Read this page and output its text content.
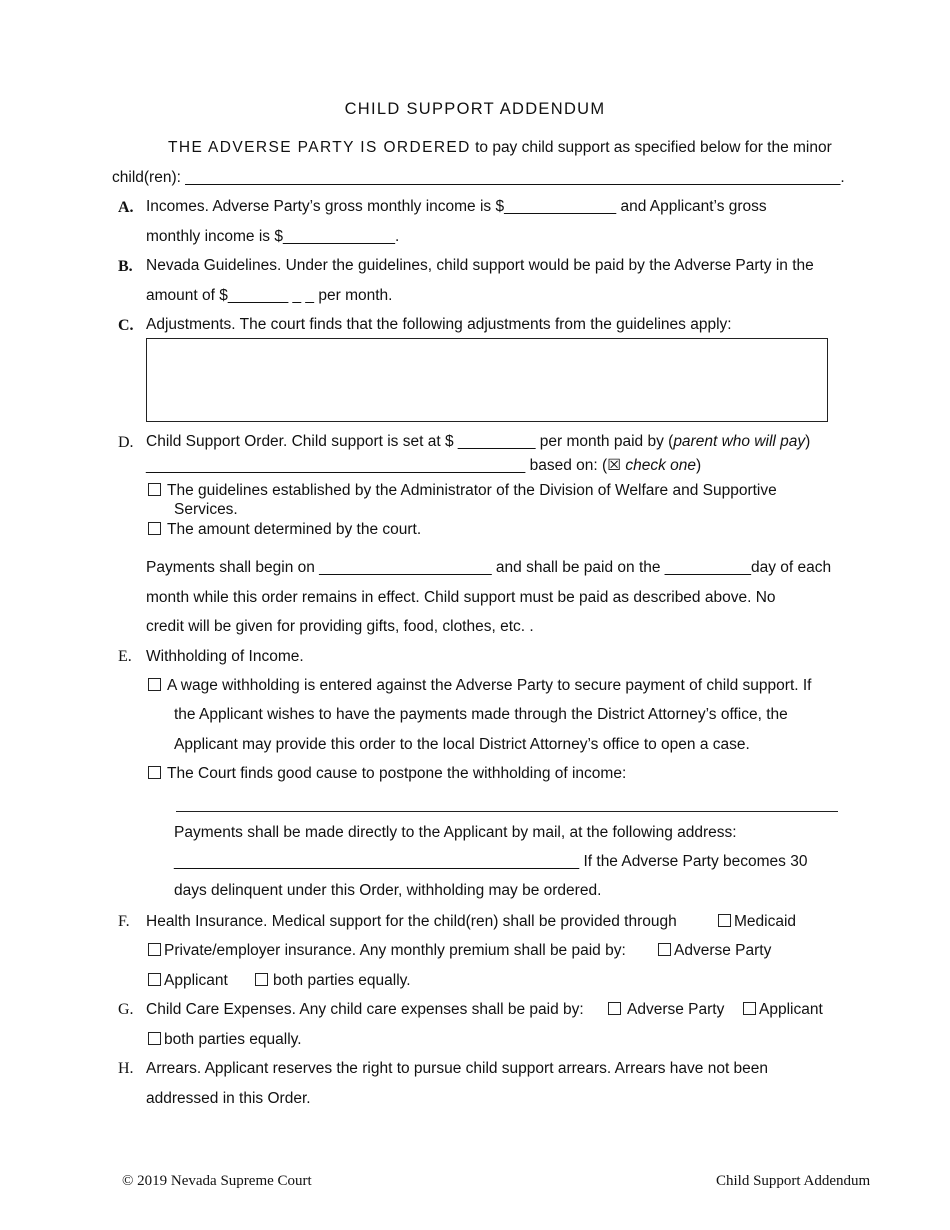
CHILD SUPPORT ADDENDUM
THE ADVERSE PARTY IS ORDERED to pay child support as specified below for the minor
child(ren): ____________________________________________________________________________.
A. Incomes. Adverse Party’s gross monthly income is $_____________ and Applicant’s gross
monthly income is $_____________.
B. Nevada Guidelines. Under the guidelines, child support would be paid by the Adverse Party in the
amount of $_______ _ _ per month.
C. Adjustments. The court finds that the following adjustments from the guidelines apply:
D. Child Support Order. Child support is set at $ _________ per month paid by (parent who will pay)
____________________________________________ based on: (☒ check one)
The guidelines established by the Administrator of the Division of Welfare and Supportive
Services.
The amount determined by the court.
Payments shall begin on ____________________ and shall be paid on the __________day of each
month while this order remains in effect. Child support must be paid as described above. No
credit will be given for providing gifts, food, clothes, etc. .
E. Withholding of Income.
A wage withholding is entered against the Adverse Party to secure payment of child support. If
the Applicant wishes to have the payments made through the District Attorney’s office, the
Applicant may provide this order to the local District Attorney’s office to open a case.
The Court finds good cause to postpone the withholding of income:
Payments shall be made directly to the Applicant by mail, at the following address:
_______________________________________________ If the Adverse Party becomes 30
days delinquent under this Order, withholding may be ordered.
F. Health Insurance. Medical support for the child(ren) shall be provided through	Medicaid
Private/employer insurance. Any monthly premium shall be paid by:	Adverse Party
Applicant	both parties equally.
G. Child Care Expenses. Any child care expenses shall be paid by:	Adverse Party	Applicant
both parties equally.
H. Arrears. Applicant reserves the right to pursue child support arrears. Arrears have not been
addressed in this Order.
© 2019 Nevada Supreme Court	Child Support Addendum
